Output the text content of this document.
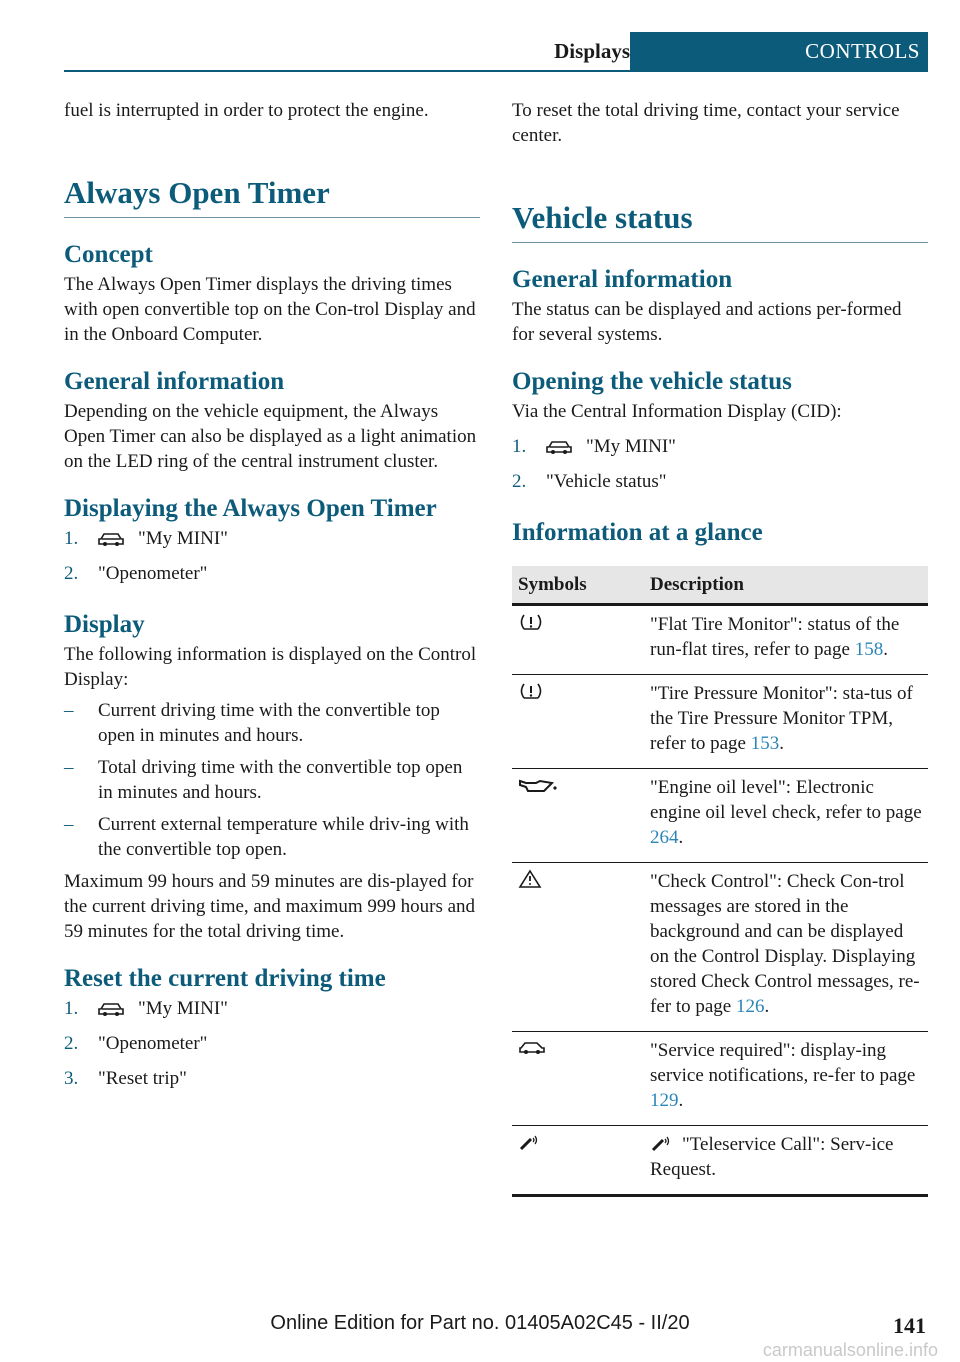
Displays	CONTROLS

fuel is interrupted in order to protect the engine.

Always Open Timer
Concept

The Always Open Timer displays the driving times with open convertible top on the Con-trol Display and in the Onboard Computer.

General information

Depending on the vehicle equipment, the Always Open Timer can also be displayed as a light animation on the LED ring of the central instrument cluster.

Displaying the Always Open Timer
1.	"My MINI"
2.	"Openometer"
Display

The following information is displayed on the Control Display:

– Current driving time with the convertible top open in minutes and hours.
– Total driving time with the convertible top open in minutes and hours.
– Current external temperature while driv-ing with the convertible top open.

Maximum 99 hours and 59 minutes are dis-played for the current driving time, and maximum 999 hours and 59 minutes for the total driving time.

Reset the current driving time
1.	"My MINI"
2.	"Openometer"
3.	"Reset trip"

To reset the total driving time, contact your service center.

Vehicle status
General information

The status can be displayed and actions per-formed for several systems.

Opening the vehicle status

Via the Central Information Display (CID):

1.	"My MINI"
2.	"Vehicle status"
Information at a glance
Symbols	Description
	"Flat Tire Monitor": status of the run-flat tires, refer to page 158.
	"Tire Pressure Monitor": sta-tus of the Tire Pressure Monitor TPM, refer to page 153.
	"Engine oil level": Electronic engine oil level check, refer to page 264.
	"Check Control": Check Con-trol messages are stored in the background and can be displayed on the Control Display. Displaying stored Check Control messages, re-fer to page 126.
	"Service required": display-ing service notifications, re-fer to page 129.
	"Teleservice Call": Serv-ice Request.
Online Edition for Part no. 01405A02C45 - II/20	141
carmanualsonline.info
